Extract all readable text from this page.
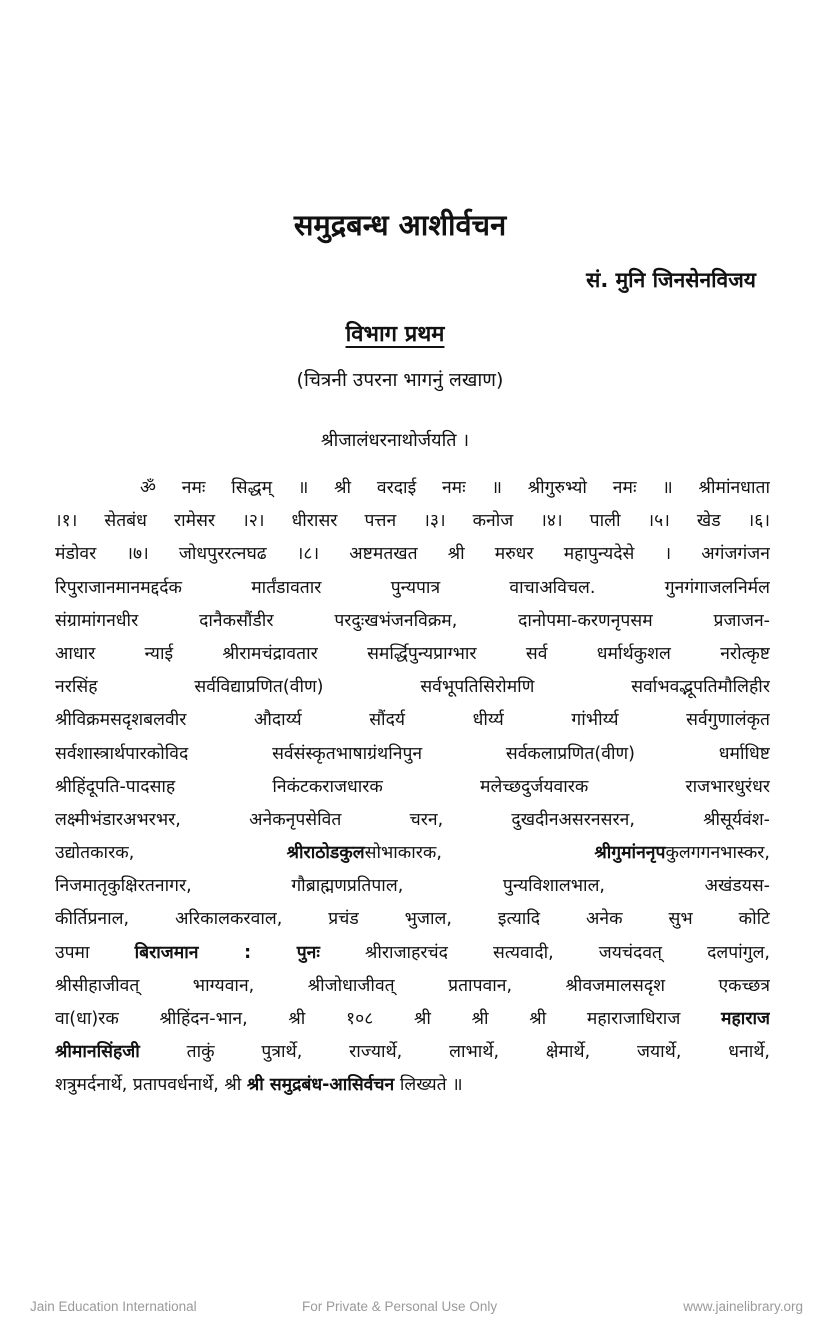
समुद्रबन्ध आशीर्वचन
सं. मुनि जिनसेनविजय
विभाग प्रथम
(चित्रनी उपरना भागनुं लखाण)
श्रीजालंधरनाथोर्जयति ।
ॐ नमः सिद्धम् ॥ श्री वरदाई नमः ॥ श्रीगुरुभ्यो नमः ॥ श्रीमांनधाता
।१। सेतबंध रामेसर ।२। धीरासर पत्तन ।३। कनोज ।४। पाली ।५। खेड ।६।
मंडोवर ।७। जोधपुररत्नघढ ।८। अष्टमतखत श्री मरुधर महापुन्यदेसे । अगंजगंजन
रिपुराजानमानमद्दर्दक मार्तंडावतार पुन्यपात्र वाचाअविचल. गुनगंगाजलनिर्मल
संग्रामांगनधीर दानैकसौंडीर परदुःखभंजनविक्रम, दानोपमा-करणनृपसम प्रजाजन-
आधार न्याई श्रीरामचंद्रावतार समर्द्धिपुन्यप्राग्भार सर्व धर्मार्थकुशल नरोत्कृष्ट
नरसिंह सर्वविद्याप्रणित(वीण) सर्वभूपतिसिरोमणि सर्वाभवद्भूपतिमौलिहीर
श्रीविक्रमसदृशबलवीर औदार्य्य सौंदर्य धीर्य्य गांभीर्य्य सर्वगुणालंकृत
सर्वशास्त्रार्थपारकोविद सर्वसंस्कृतभाषाग्रंथनिपुन सर्वकलाप्रणित(वीण) धर्माधिष्ट
श्रीहिंदूपति-पादसाह निकंटकराजधारक मलेच्छदुर्जयवारक राजभारधुरंधर
लक्ष्मीभंडारअभरभर, अनेकनृपसेवित चरन, दुखदीनअसरनसरन, श्रीसूर्यवंश-
उद्योतकारक, श्रीराठोडकुलसोभाकारक, श्रीगुमांननृपकुलगगनभास्कर,
निजमातृकुक्षिरतनागर, गौब्राह्मणप्रतिपाल, पुन्यविशालभाल, अखंडयस-
कीर्तिप्रनाल, अरिकालकरवाल, प्रचंड भुजाल, इत्यादि अनेक सुभ कोटि
उपमा बिराजमान : पुनः श्रीराजाहरचंद सत्यवादी, जयचंदवत् दलपांगुल,
श्रीसीहाजीवत् भाग्यवान, श्रीजोधाजीवत् प्रतापवान, श्रीवजमालसदृश एकच्छत्र
वा(धा)रक श्रीहिंदन-भान, श्री १०८ श्री श्री श्री महाराजाधिराज महाराज
श्रीमानसिंहजी ताकुं पुत्रार्थे, राज्यार्थे, लाभार्थे, क्षेमार्थे, जयार्थे, धनार्थे,
शत्रुमर्दनार्थे, प्रतापवर्धनार्थे, श्री श्री समुद्रबंध-आसिर्वचन लिख्यते ॥
Jain Education International	For Private & Personal Use Only	www.jainelibrary.org
